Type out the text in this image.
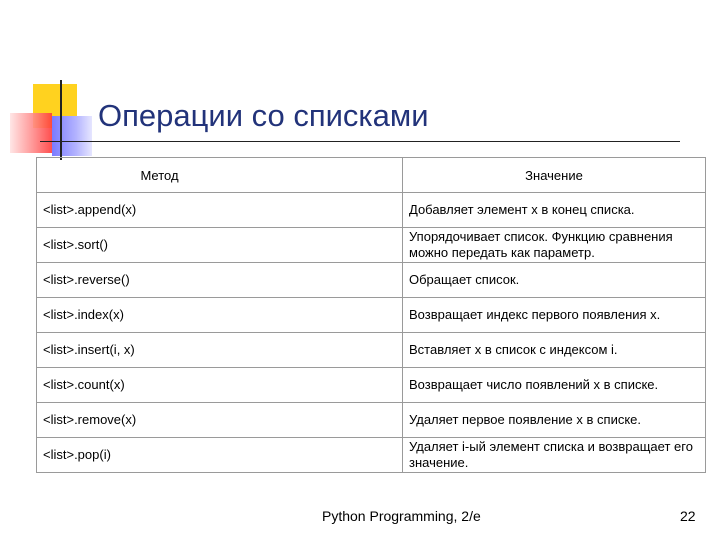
Операции со списками
Метод	Значение
<list>.append(x)	Добавляет элемент x в конец списка.
<list>.sort()	Упорядочивает список. Функцию сравнения можно передать как параметр.
<list>.reverse()	Обращает список.
<list>.index(x)	Возвращает индекс первого появления x.
<list>.insert(i, x)	Вставляет x в список с индексом i.
<list>.count(x)	Возвращает число появлений x в списке.
<list>.remove(x)	Удаляет первое появление x в списке.
<list>.pop(i)	Удаляет i-ый элемент списка и возвращает его значение.
Python Programming, 2/e	22
